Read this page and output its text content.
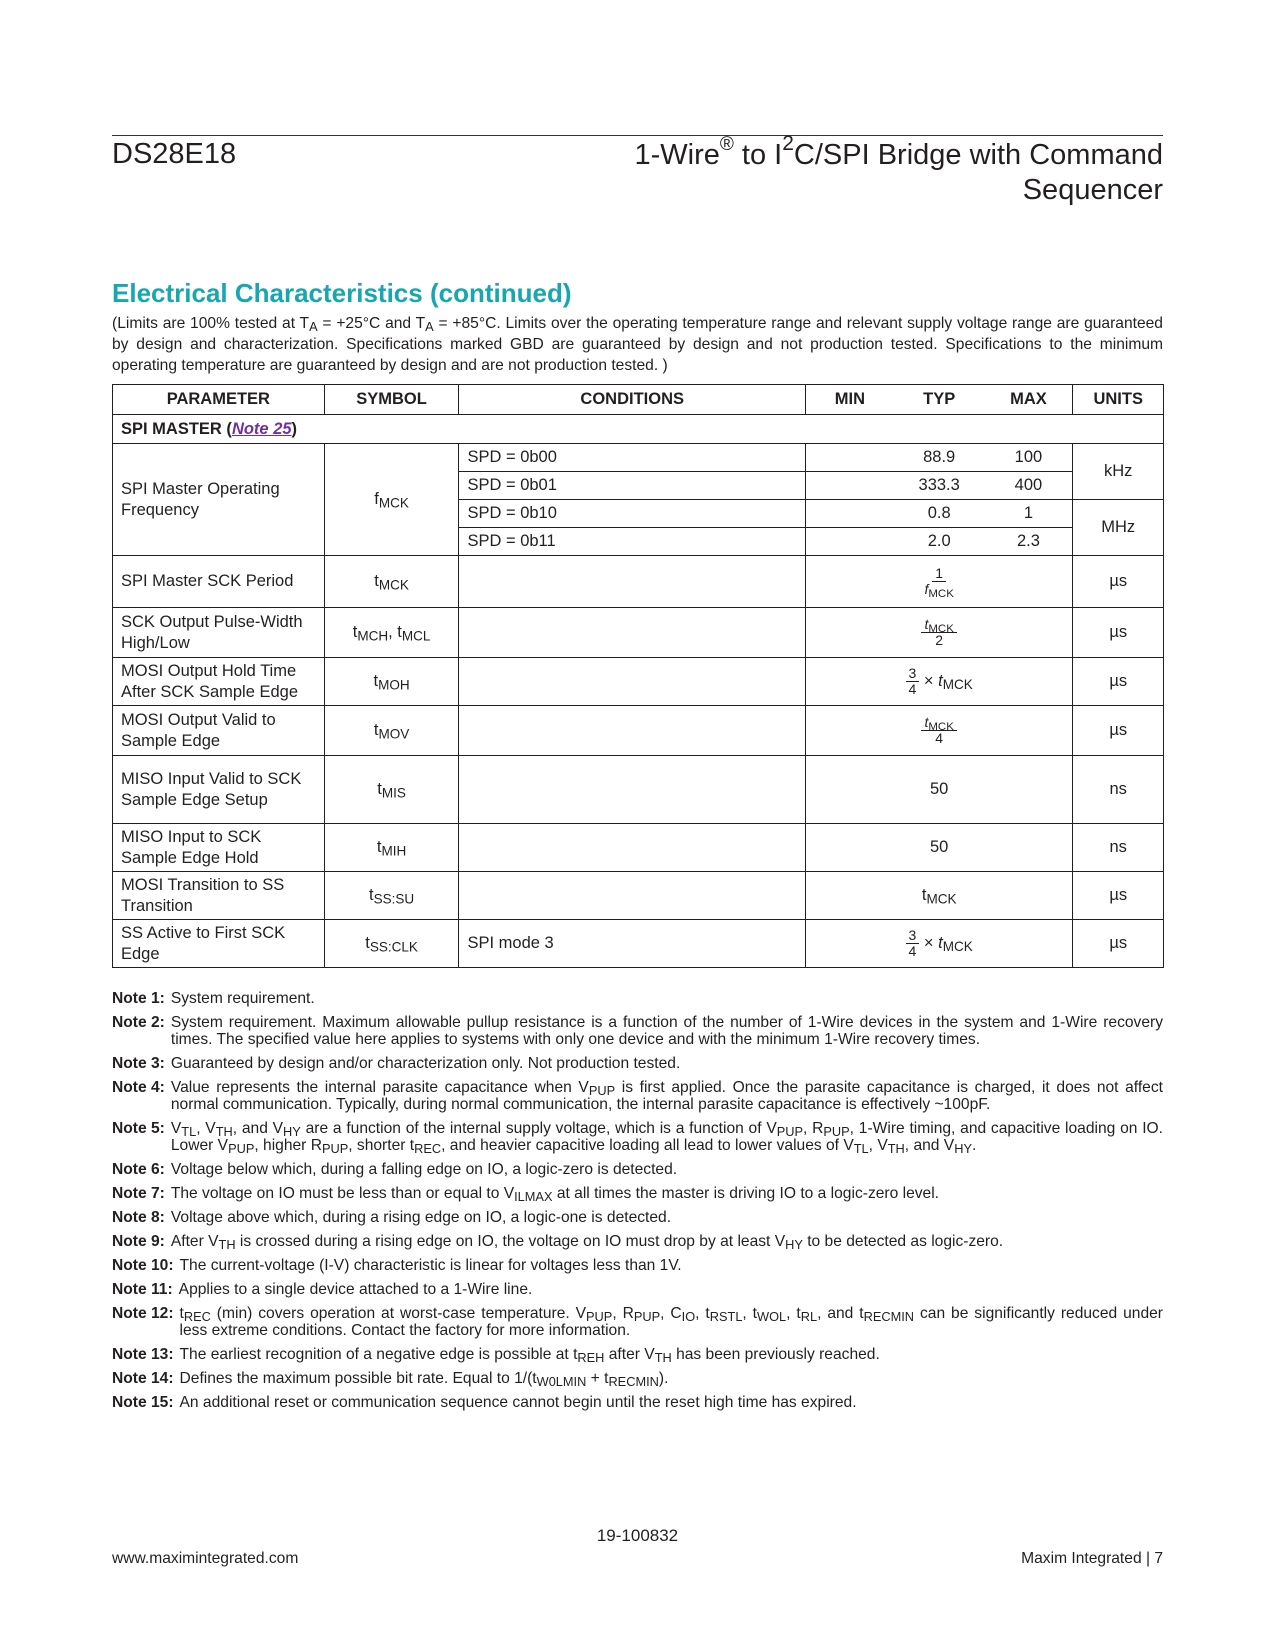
DS28E18	1-Wire® to $I^2C$/SPI Bridge with Command
Sequencer
Electrical Characteristics (continued)
(Limits are 100% tested at $T_A = +25^\circ C$ and $T_A = +85^\circ C$. Limits over the operating temperature range and relevant supply voltage range are guaranteed by design and characterization. Specifications marked GBD are guaranteed by design and not production tested. Specifications to the minimum operating temperature are guaranteed by design and are not production tested. )
PARAMETER	SYMBOL	CONDITIONS	MIN	TYP	MAX	UNITS
SPI MASTER (Note 25)						
SPI Master Operating Frequency	$f_{MCK}$	SPD = 0b00		88.9	100	kHz
		SPD = 0b01		333.3	400	
		SPD = 0b10		0.8	1	MHz
		SPD = 0b11		2.0	2.3	
SPI Master SCK Period	$t_{MCK}$		$\frac{1}{f_{MCK}}$			µs
SCK Output Pulse-Width High/Low	$t_{MCH}$, $t_{MCL}$		$\frac{t_{MCK}}{2}$			µs
MOSI Output Hold Time After SCK Sample Edge	$t_{MOH}$		$\frac{3}{4} \times t_{MCK}$			µs
MOSI Output Valid to Sample Edge	$t_{MOV}$		$\frac{t_{MCK}}{4}$			µs
MISO Input Valid to SCK Sample Edge Setup	$t_{MIS}$		50			ns
MISO Input to SCK Sample Edge Hold	$t_{MIH}$		50			ns
MOSI Transition to SS Transition	$t_{SS:SU}$		$t_{MCK}$			µs
SS Active to First SCK Edge	$t_{SS:CLK}$	SPI mode 3	$\frac{3}{4} \times t_{MCK}$			µs
Note 1: System requirement.
Note 2: System requirement. Maximum allowable pullup resistance is a function of the number of 1-Wire devices in the system and 1-Wire recovery times. The specified value here applies to systems with only one device and with the minimum 1-Wire recovery times.
Note 3: Guaranteed by design and/or characterization only. Not production tested.
Note 4: Value represents the internal parasite capacitance when $V_{PUP}$ is first applied. Once the parasite capacitance is charged, it does not affect normal communication. Typically, during normal communication, the internal parasite capacitance is effectively ~100pF.
Note 5: $V_{TL}$, $V_{TH}$, and $V_{HY}$ are a function of the internal supply voltage, which is a function of $V_{PUP}$, $R_{PUP}$, 1-Wire timing, and capacitive loading on IO. Lower $V_{PUP}$, higher $R_{PUP}$, shorter $t_{REC}$, and heavier capacitive loading all lead to lower values of $V_{TL}$, $V_{TH}$, and $V_{HY}$.
Note 6: Voltage below which, during a falling edge on IO, a logic-zero is detected.
Note 7: The voltage on IO must be less than or equal to $V_{ILMAX}$ at all times the master is driving IO to a logic-zero level.
Note 8: Voltage above which, during a rising edge on IO, a logic-one is detected.
Note 9: After $V_{TH}$ is crossed during a rising edge on IO, the voltage on IO must drop by at least $V_{HY}$ to be detected as logic-zero.
Note 10: The current-voltage (I-V) characteristic is linear for voltages less than 1V.
Note 11: Applies to a single device attached to a 1-Wire line.
Note 12: $t_{REC}$ (min) covers operation at worst-case temperature. $V_{PUP}$, $R_{PUP}$, $C_{IO}$, $t_{RSTL}$, $t_{WOL}$, $t_{RL}$, and $t_{RECMIN}$ can be significantly reduced under less extreme conditions. Contact the factory for more information.
Note 13: The earliest recognition of a negative edge is possible at $t_{REH}$ after $V_{TH}$ has been previously reached.
Note 14: Defines the maximum possible bit rate. Equal to $1/(t_{W0LMIN} + t_{RECMIN})$.
Note 15: An additional reset or communication sequence cannot begin until the reset high time has expired.
19-100832
www.maximintegrated.com	Maxim Integrated | 7
